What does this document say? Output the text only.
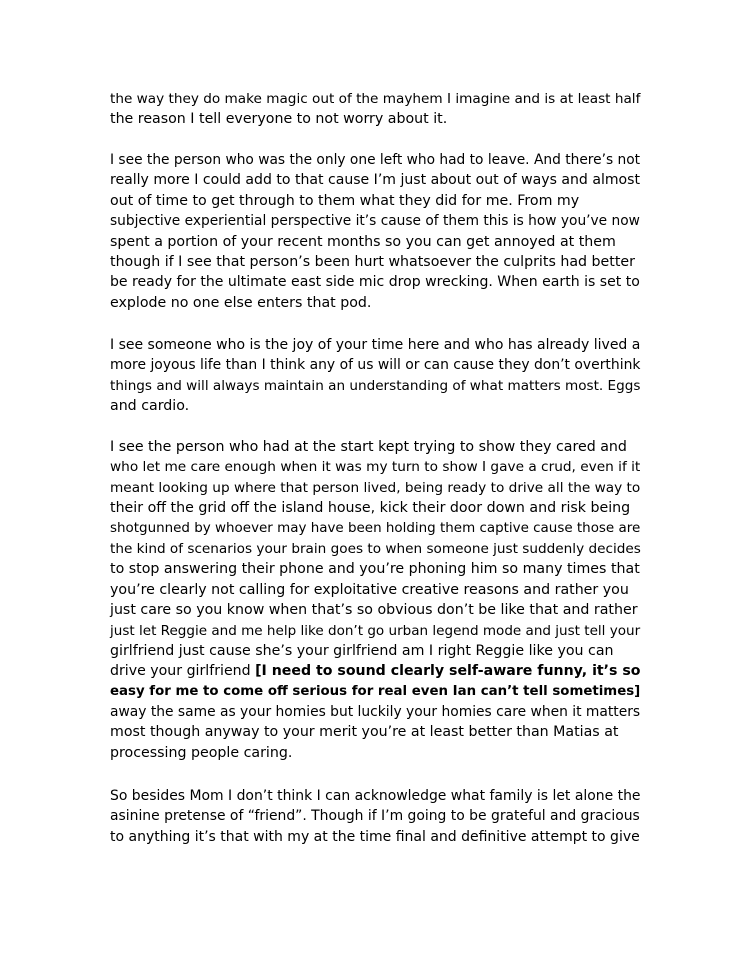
the way they do make magic out of the mayhem I imagine and is at least half
the reason I tell everyone to not worry about it.
I see the person who was the only one left who had to leave. And there’s not
really more I could add to that cause I’m just about out of ways and almost
out of time to get through to them what they did for me. From my
subjective experiential perspective it’s cause of them this is how you’ve now
spent a portion of your recent months so you can get annoyed at them
though if I see that person’s been hurt whatsoever the culprits had better
be ready for the ultimate east side mic drop wrecking. When earth is set to
explode no one else enters that pod.
I see someone who is the joy of your time here and who has already lived a
more joyous life than I think any of us will or can cause they don’t overthink
things and will always maintain an understanding of what matters most. Eggs
and cardio.
I see the person who had at the start kept trying to show they cared and
who let me care enough when it was my turn to show I gave a crud, even if it
meant looking up where that person lived, being ready to drive all the way to
their off the grid off the island house, kick their door down and risk being
shotgunned by whoever may have been holding them captive cause those are
the kind of scenarios your brain goes to when someone just suddenly decides
to stop answering their phone and you’re phoning him so many times that
you’re clearly not calling for exploitative creative reasons and rather you
just care so you know when that’s so obvious don’t be like that and rather
just let Reggie and me help like don’t go urban legend mode and just tell your
girlfriend just cause she’s your girlfriend am I right Reggie like you can
drive your girlfriend [I need to sound clearly self-aware funny, it’s so
easy for me to come off serious for real even Ian can’t tell sometimes]
away the same as your homies but luckily your homies care when it matters
most though anyway to your merit you’re at least better than Matias at
processing people caring.
So besides Mom I don’t think I can acknowledge what family is let alone the
asinine pretense of “friend”. Though if I’m going to be grateful and gracious
to anything it’s that with my at the time final and definitive attempt to give
